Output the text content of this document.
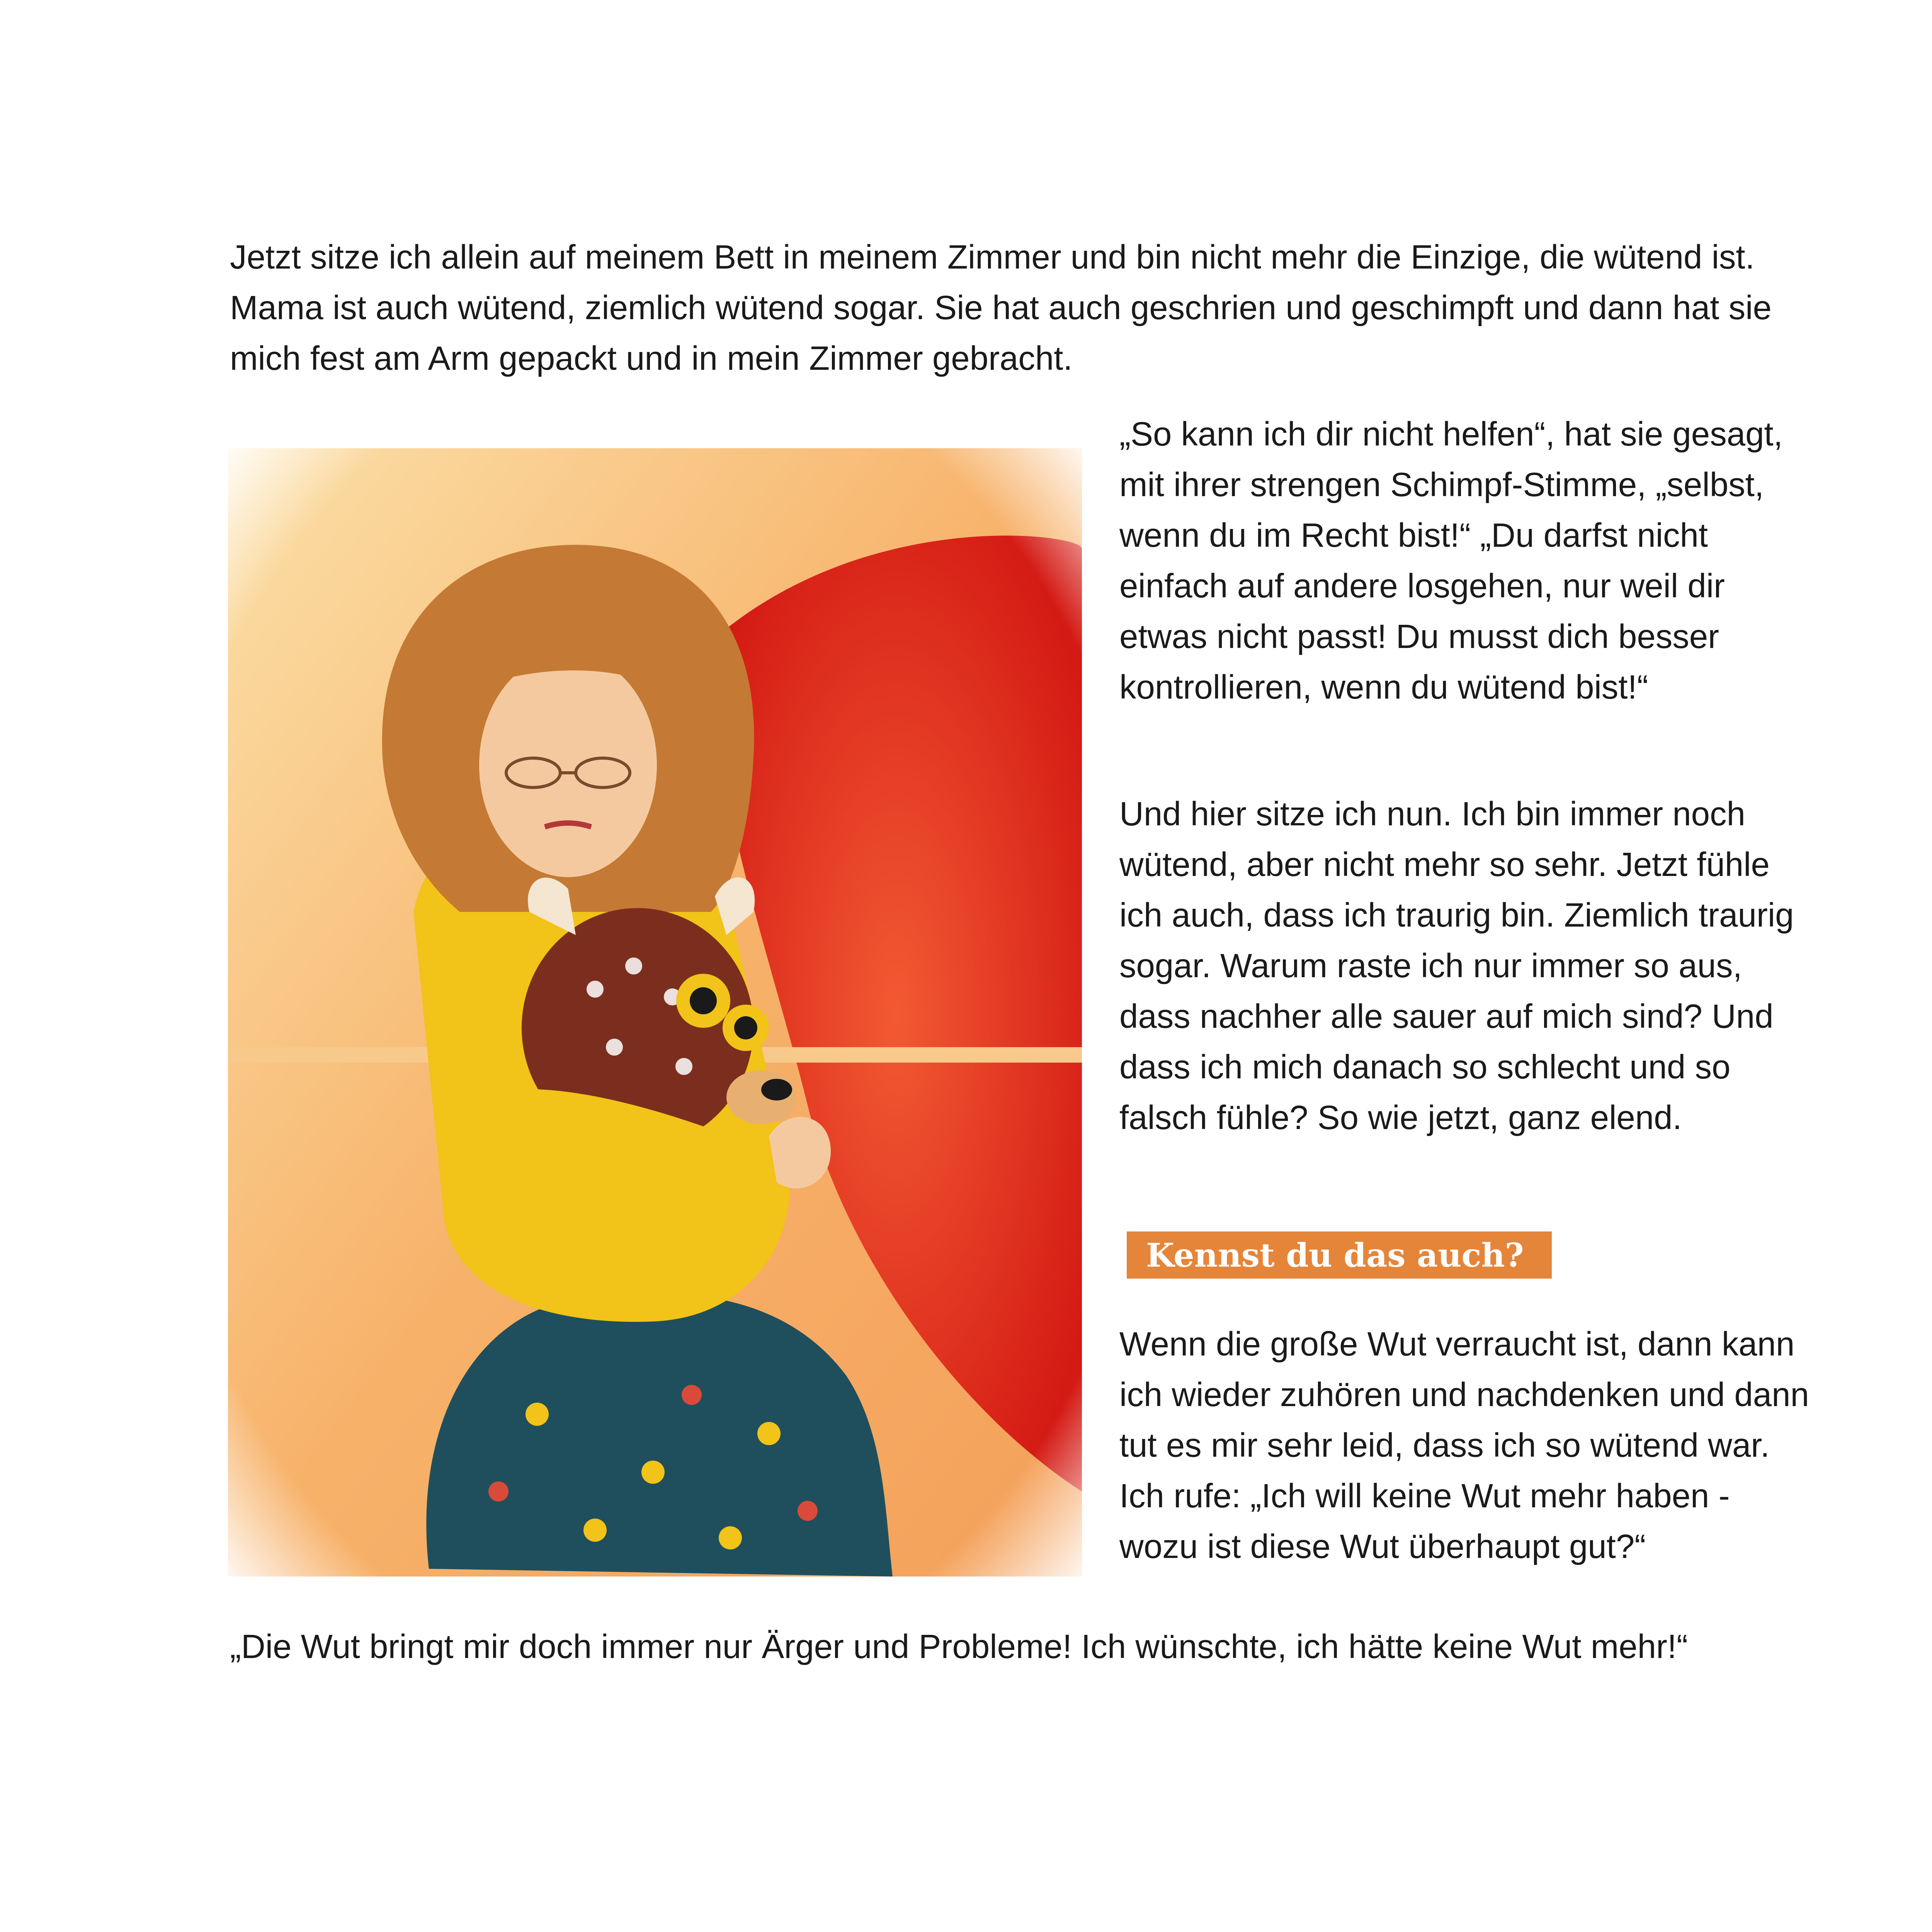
Jetzt sitze ich allein auf meinem Bett in meinem Zimmer und bin nicht mehr die Einzige, die wütend ist. Mama ist auch wütend, ziemlich wütend sogar. Sie hat auch geschrien und geschimpft und dann hat sie mich fest am Arm gepackt und in mein Zimmer gebracht.

„So kann ich dir nicht helfen“, hat sie gesagt, mit ihrer strengen Schimpf-Stimme, „selbst, wenn du im Recht bist!“ „Du darfst nicht einfach auf andere losgehen, nur weil dir etwas nicht passt! Du musst dich besser kontrollieren, wenn du wütend bist!“

Und hier sitze ich nun. Ich bin immer noch wütend, aber nicht mehr so sehr. Jetzt fühle ich auch, dass ich traurig bin. Ziemlich traurig sogar. Warum raste ich nur immer so aus, dass nachher alle sauer auf mich sind? Und dass ich mich danach so schlecht und so falsch fühle? So wie jetzt, ganz elend.

Kennst du das auch?

Wenn die große Wut verraucht ist, dann kann ich wieder zuhören und nachdenken und dann tut es mir sehr leid, dass ich so wütend war. Ich rufe: „Ich will keine Wut mehr haben - wozu ist diese Wut überhaupt gut?“

„Die Wut bringt mir doch immer nur Ärger und Probleme! Ich wünschte, ich hätte keine Wut mehr!“
